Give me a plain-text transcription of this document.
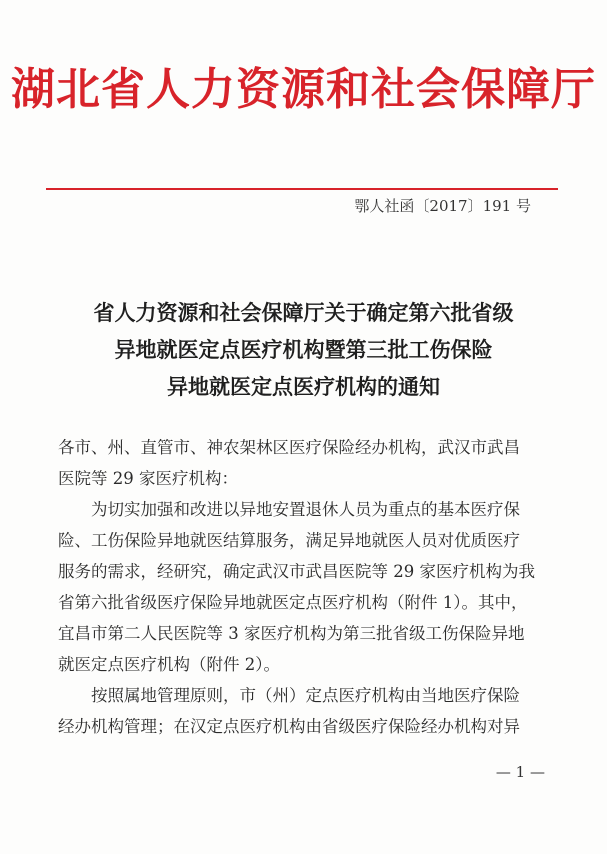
湖北省人力资源和社会保障厅
鄂人社函〔2017〕191 号
省人力资源和社会保障厅关于确定第六批省级
异地就医定点医疗机构暨第三批工伤保险
异地就医定点医疗机构的通知
各市、州、直管市、神农架林区医疗保险经办机构，武汉市武昌
医院等 29 家医疗机构：
为切实加强和改进以异地安置退休人员为重点的基本医疗保
险、工伤保险异地就医结算服务，满足异地就医人员对优质医疗
服务的需求，经研究，确定武汉市武昌医院等 29 家医疗机构为我
省第六批省级医疗保险异地就医定点医疗机构（附件 1）。其中，
宜昌市第二人民医院等 3 家医疗机构为第三批省级工伤保险异地
就医定点医疗机构（附件 2）。
按照属地管理原则，市（州）定点医疗机构由当地医疗保险
经办机构管理；在汉定点医疗机构由省级医疗保险经办机构对异
— 1 —
